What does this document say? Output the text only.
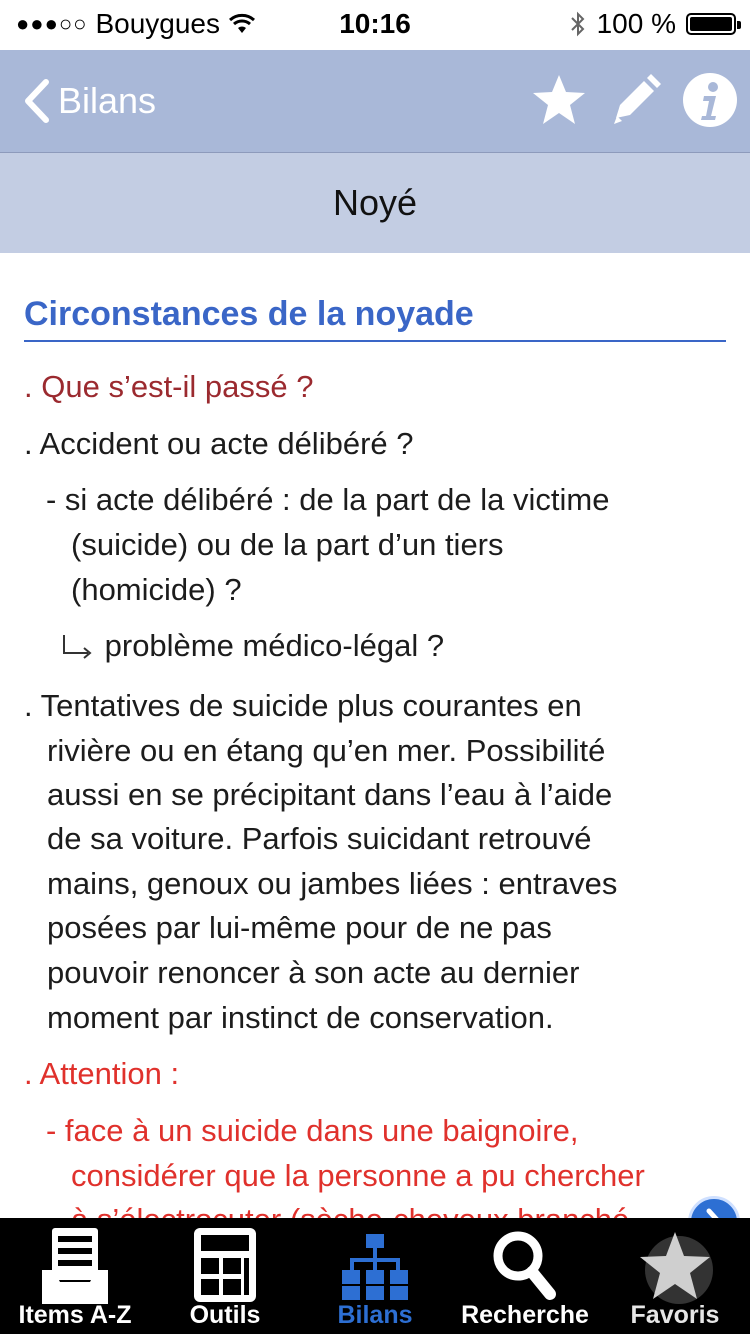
●●●○○ Bouygues	10:16	100 %
Bilans
Noyé
Circonstances de la noyade
. Que s’est-il passé ?
. Accident ou acte délibéré ?
- si acte délibéré : de la part de la victime
(suicide) ou de la part d’un tiers
(homicide) ?
problème médico-légal ?
. Tentatives de suicide plus courantes en
rivière ou en étang qu’en mer. Possibilité
aussi en se précipitant dans l’eau à l’aide
de sa voiture. Parfois suicidant retrouvé
mains, genoux ou jambes liées : entraves
posées par lui-même pour de ne pas
pouvoir renoncer à son acte au dernier
moment par instinct de conservation.
. Attention :
- face à un suicide dans une baignoire,
considérer que la personne a pu chercher
Items A-Z	Outils	Bilans	Recherche	Favoris
